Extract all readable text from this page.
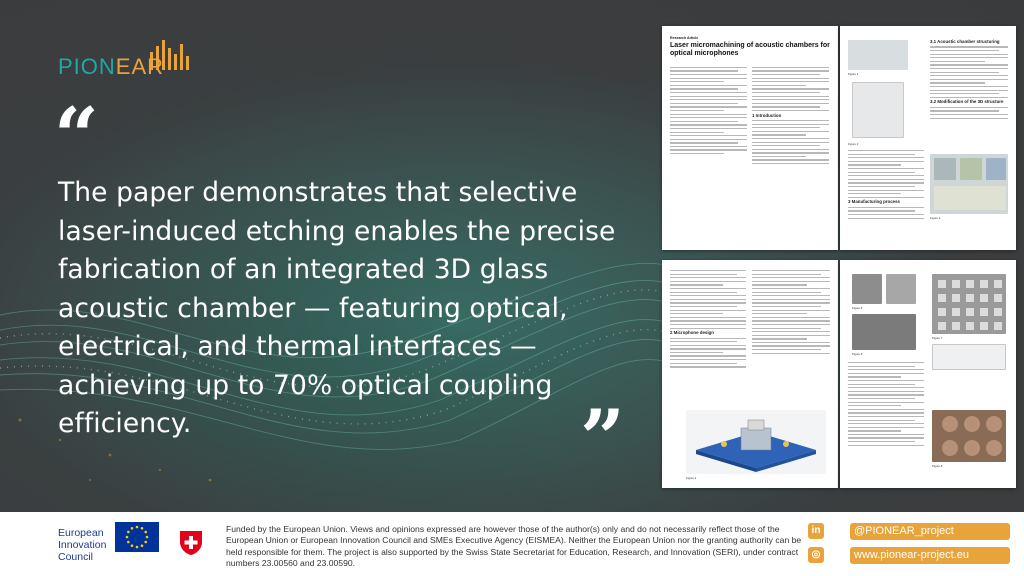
PIONEAR
“
The paper demonstrates that selective laser-induced etching enables the precise fabrication of an integrated 3D glass acoustic chamber — featuring optical, electrical, and thermal interfaces — achieving up to 70% optical coupling efficiency.	”
Research Article
Laser micromachining of acoustic chambers for optical microphones

1 Introduction
Figure 1
Figure 2
3 Manufacturing process
3.1 Acoustic chamber structuring
3.2 Modification of the 3D structure
Figure 3
2 Microphone design
Figure 4
Figure 5
Figure 6
Figure 7
Figure 8
European
Innovation
Council
Funded by the European Union. Views and opinions expressed are however those of the author(s) only and do not necessarily reflect those of the European Union or European Innovation Council and SMEs Executive Agency (EISMEA). Neither the European Union nor the granting authority can be held responsible for them. The project is also supported by the Swiss State Secretariat for Education, Research, and Innovation (SERI), under contract numbers 23.00560 and 23.00590.
in
◎
@PIONEAR_project
www.pionear-project.eu
